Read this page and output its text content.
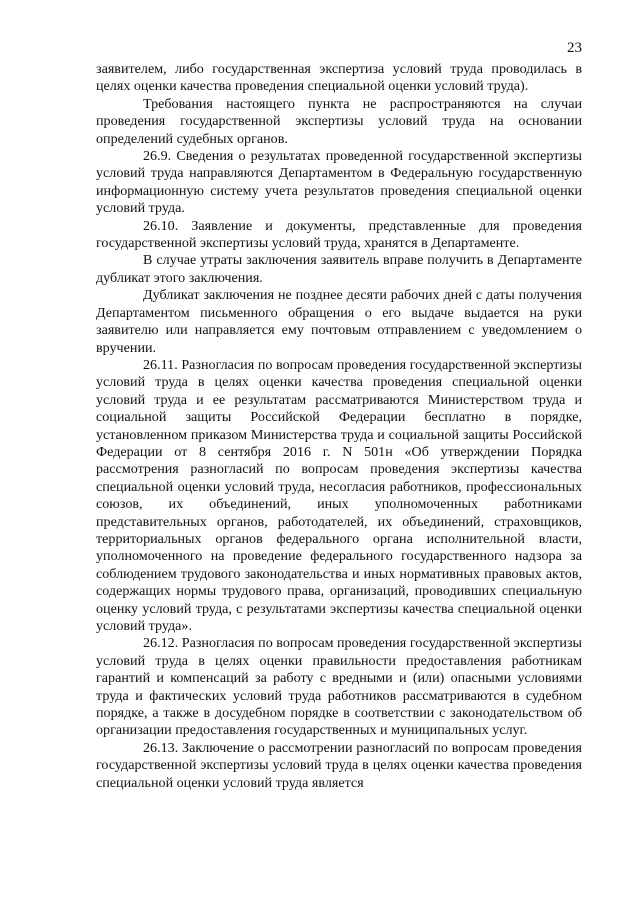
23

заявителем, либо государственная экспертиза условий труда проводилась в целях оценки качества проведения специальной оценки условий труда).

Требования настоящего пункта не распространяются на случаи проведения государственной экспертизы условий труда на основании определений судебных органов.

26.9. Сведения о результатах проведенной государственной экспертизы условий труда направляются Департаментом в Федеральную государственную информационную систему учета результатов проведения специальной оценки условий труда.

26.10. Заявление и документы, представленные для проведения государственной экспертизы условий труда, хранятся в Департаменте.

В случае утраты заключения заявитель вправе получить в Департаменте дубликат этого заключения.

Дубликат заключения не позднее десяти рабочих дней с даты получения Департаментом письменного обращения о его выдаче выдается на руки заявителю или направляется ему почтовым отправлением с уведомлением о вручении.

26.11. Разногласия по вопросам проведения государственной экспертизы условий труда в целях оценки качества проведения специальной оценки условий труда и ее результатам рассматриваются Министерством труда и социальной защиты Российской Федерации бесплатно в порядке, установленном приказом Министерства труда и социальной защиты Российской Федерации от 8 сентября 2016 г. N 501н «Об утверждении Порядка рассмотрения разногласий по вопросам проведения экспертизы качества специальной оценки условий труда, несогласия работников, профессиональных союзов, их объединений, иных уполномоченных работниками представительных органов, работодателей, их объединений, страховщиков, территориальных органов федерального органа исполнительной власти, уполномоченного на проведение федерального государственного надзора за соблюдением трудового законодательства и иных нормативных правовых актов, содержащих нормы трудового права, организаций, проводивших специальную оценку условий труда, с результатами экспертизы качества специальной оценки условий труда».

26.12. Разногласия по вопросам проведения государственной экспертизы условий труда в целях оценки правильности предоставления работникам гарантий и компенсаций за работу с вредными и (или) опасными условиями труда и фактических условий труда работников рассматриваются в судебном порядке, а также в досудебном порядке в соответствии с законодательством об организации предоставления государственных и муниципальных услуг.

26.13. Заключение о рассмотрении разногласий по вопросам проведения государственной экспертизы условий труда в целях оценки качества проведения специальной оценки условий труда является
